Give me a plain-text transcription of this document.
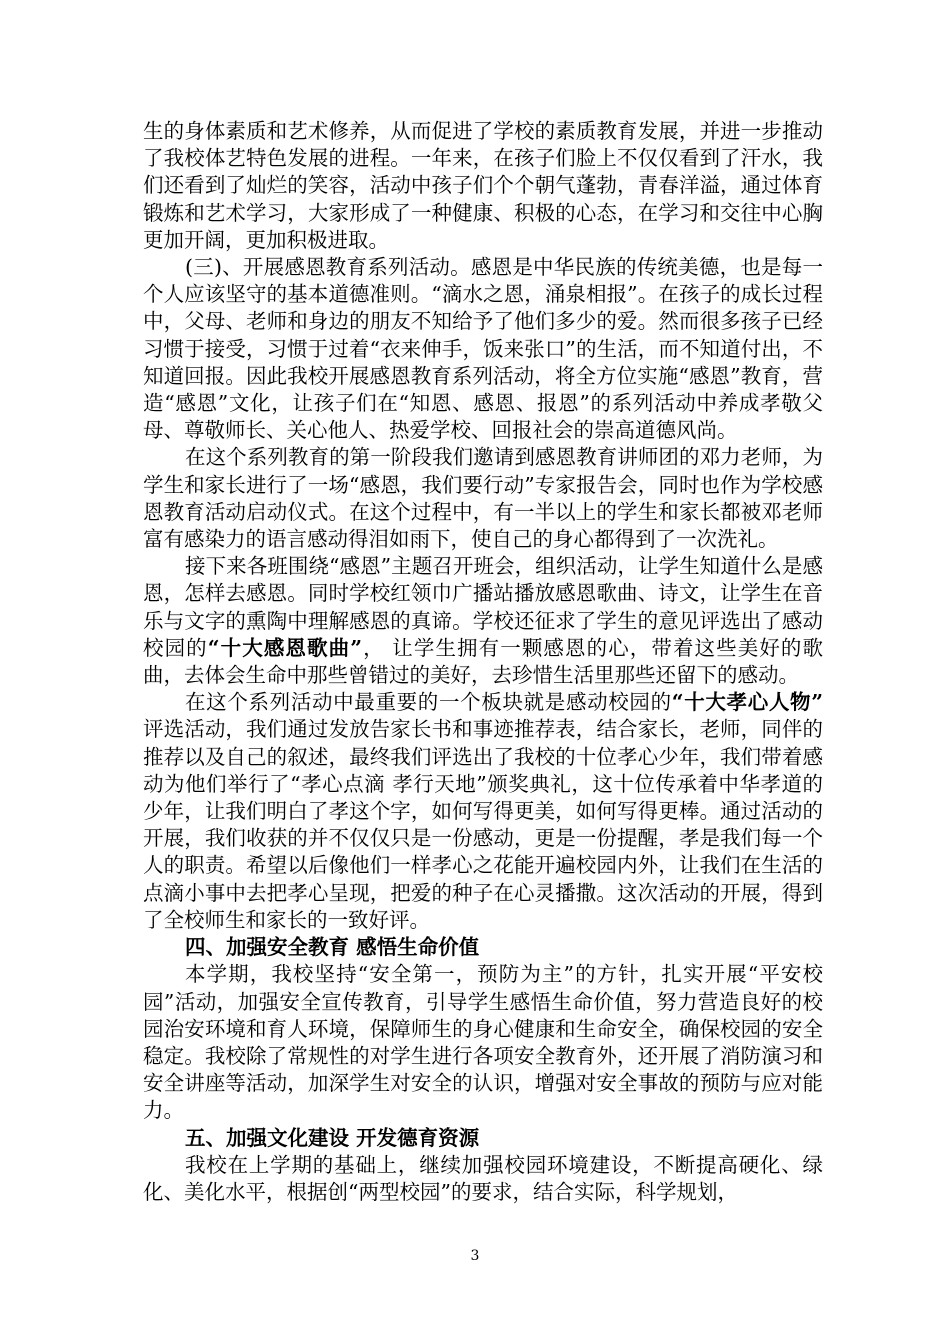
生的身体素质和艺术修养，从而促进了学校的素质教育发展，并进一步推动了我校体艺特色发展的进程。一年来，在孩子们脸上不仅仅看到了汗水，我们还看到了灿烂的笑容，活动中孩子们个个朝气蓬勃，青春洋溢，通过体育锻炼和艺术学习，大家形成了一种健康、积极的心态，在学习和交往中心胸更加开阔，更加积极进取。

(三)、开展感恩教育系列活动。感恩是中华民族的传统美德，也是每一个人应该坚守的基本道德准则。“滴水之恩，涌泉相报”。在孩子的成长过程中，父母、老师和身边的朋友不知给予了他们多少的爱。然而很多孩子已经习惯于接受，习惯于过着“衣来伸手，饭来张口”的生活，而不知道付出，不知道回报。因此我校开展感恩教育系列活动，将全方位实施“感恩”教育，营造“感恩”文化，让孩子们在“知恩、感恩、报恩”的系列活动中养成孝敬父母、尊敬师长、关心他人、热爱学校、回报社会的崇高道德风尚。

在这个系列教育的第一阶段我们邀请到感恩教育讲师团的邓力老师，为学生和家长进行了一场“感恩，我们要行动”专家报告会，同时也作为学校感恩教育活动启动仪式。在这个过程中，有一半以上的学生和家长都被邓老师富有感染力的语言感动得泪如雨下，使自己的身心都得到了一次洗礼。

接下来各班围绕“感恩”主题召开班会，组织活动，让学生知道什么是感恩，怎样去感恩。同时学校红领巾广播站播放感恩歌曲、诗文，让学生在音乐与文字的熏陶中理解感恩的真谛。学校还征求了学生的意见评选出了感动校园的“十大感恩歌曲”， 让学生拥有一颗感恩的心，带着这些美好的歌曲，去体会生命中那些曾错过的美好，去珍惜生活里那些还留下的感动。

在这个系列活动中最重要的一个板块就是感动校园的“十大孝心人物” 评选活动，我们通过发放告家长书和事迹推荐表，结合家长，老师，同伴的推荐以及自己的叙述，最终我们评选出了我校的十位孝心少年，我们带着感动为他们举行了“孝心点滴 孝行天地”颁奖典礼，这十位传承着中华孝道的少年，让我们明白了孝这个字，如何写得更美，如何写得更棒。通过活动的开展，我们收获的并不仅仅只是一份感动，更是一份提醒，孝是我们每一个人的职责。希望以后像他们一样孝心之花能开遍校园内外，让我们在生活的点滴小事中去把孝心呈现，把爱的种子在心灵播撒。这次活动的开展，得到了全校师生和家长的一致好评。

四、加强安全教育 感悟生命价值

本学期，我校坚持“安全第一，预防为主”的方针，扎实开展“平安校园”活动，加强安全宣传教育，引导学生感悟生命价值，努力营造良好的校园治安环境和育人环境，保障师生的身心健康和生命安全，确保校园的安全稳定。我校除了常规性的对学生进行各项安全教育外，还开展了消防演习和安全讲座等活动，加深学生对安全的认识，增强对安全事故的预防与应对能力。

五、加强文化建设 开发德育资源

我校在上学期的基础上，继续加强校园环境建设，不断提高硬化、绿化、美化水平，根据创“两型校园”的要求，结合实际，科学规划，

3
